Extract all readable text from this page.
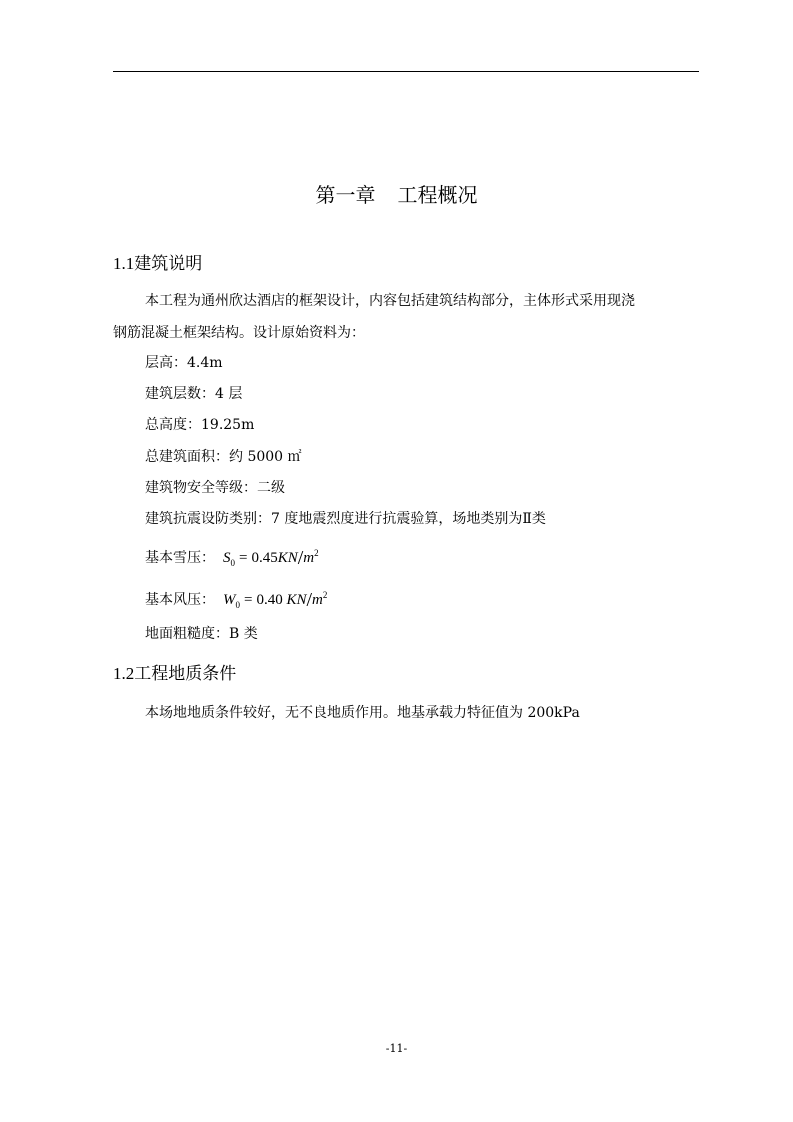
第一章 工程概况
1.1建筑说明
本工程为通州欣达酒店的框架设计，内容包括建筑结构部分，主体形式采用现浇
钢筋混凝土框架结构。设计原始资料为：
层高：4.4m
建筑层数：4 层
总高度：19.25m
总建筑面积：约 5000 ㎡
建筑物安全等级：二级
建筑抗震设防类别：7 度地震烈度进行抗震验算，场地类别为Ⅱ类
基本雪压： $S_0 = 0.45KN/m^2$
基本风压： $W_0 = 0.40$ $KN/m^2$
地面粗糙度：B 类
1.2工程地质条件
本场地地质条件较好，无不良地质作用。地基承载力特征值为 200kPa
-11-
